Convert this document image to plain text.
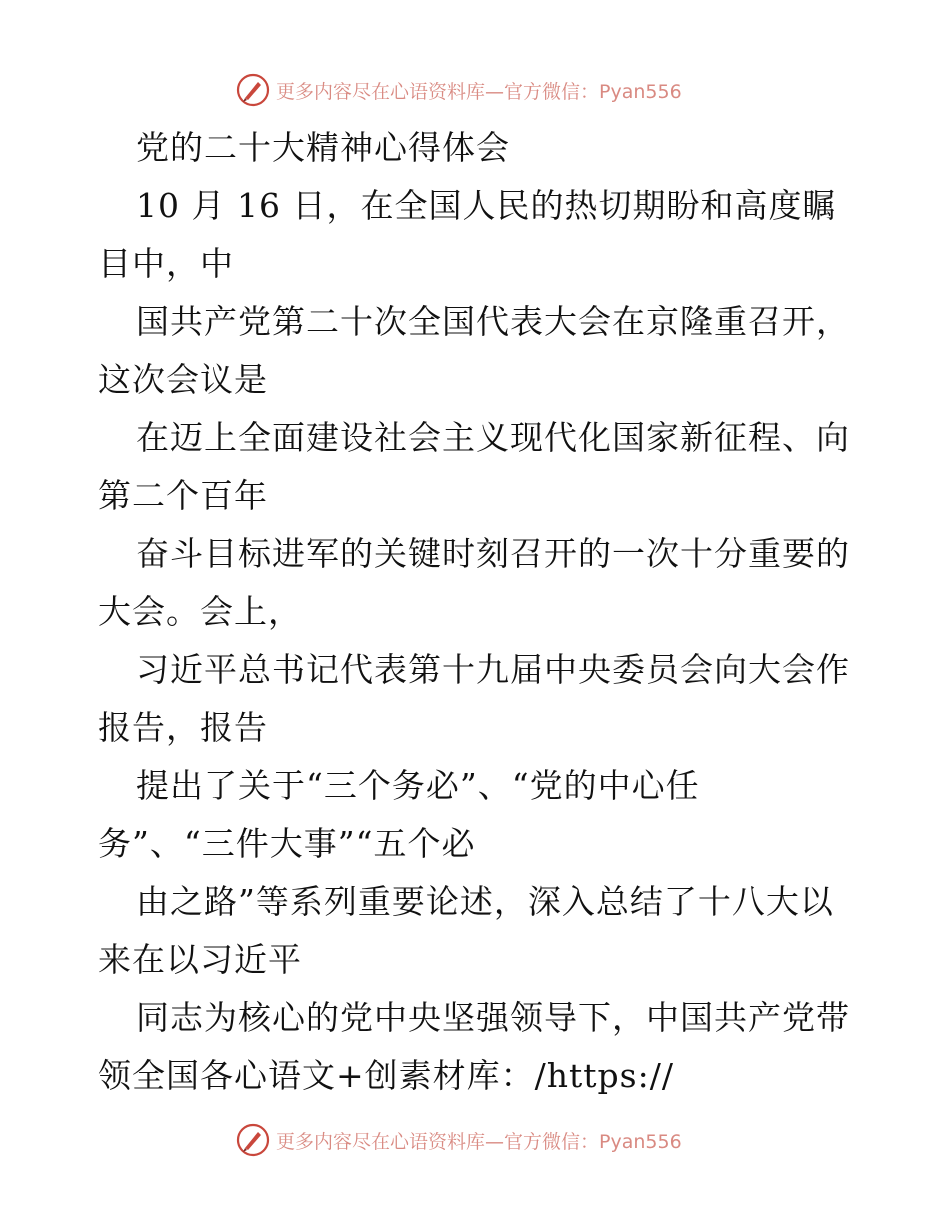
更多内容尽在心语资料库—官方微信：Pyan556
党的二十大精神心得体会
10 月 16 日，在全国人民的热切期盼和高度瞩
目中，中
国共产党第二十次全国代表大会在京隆重召开，
这次会议是
在迈上全面建设社会主义现代化国家新征程、向
第二个百年
奋斗目标进军的关键时刻召开的一次十分重要的
大会。会上，
习近平总书记代表第十九届中央委员会向大会作
报告，报告
提出了关于“三个务必”、“党的中心任
务”、“三件大事”“五个必
由之路”等系列重要论述，深入总结了十八大以
来在以习近平
同志为核心的党中央坚强领导下，中国共产党带
领全国各心语文+创素材库：/https://
更多内容尽在心语资料库—官方微信：Pyan556
